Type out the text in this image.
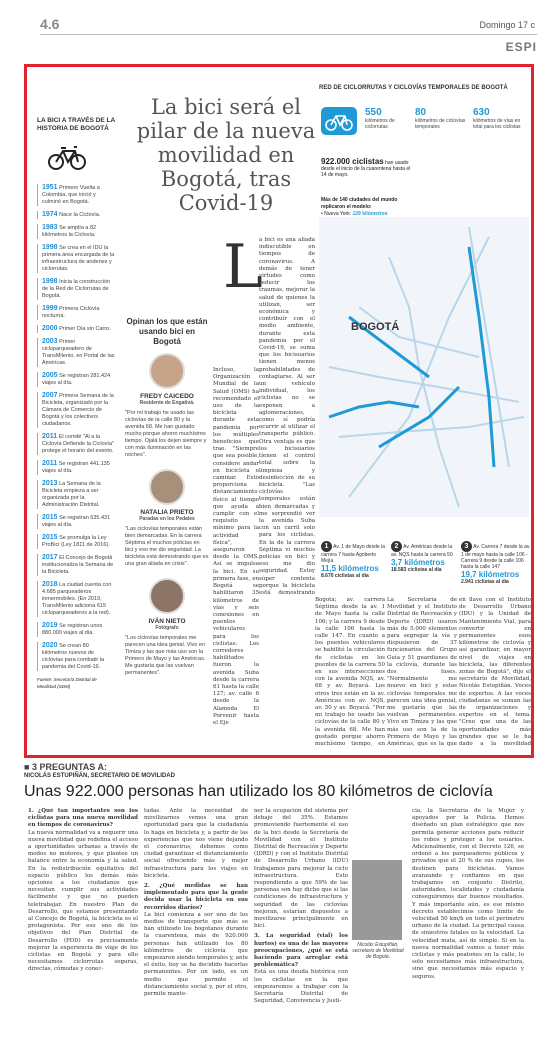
4.6	Domingo 17 c
ESPI
LA BICI A TRAVÉS DE LA HISTORIA DE BOGOTÁ
1951 Primero Vuelta a Colombia, que inició y culminó en Bogotá.
1974 Nace la Ciclovía.
1983 Se amplía a 82 kilómetros la Ciclovía.
1998 Se crea en el IDU la primera área encargada de la infraestructura de andenes y ciclorrutas.
1998 Inicia la construcción de la Red de Ciclorrutas de Bogotá.
1999 Primera Ciclovía nocturna.
2000 Primer Día sin Carro.
2003 Primer cicloparqueadero de TransMilenio, en Portal de las Américas.
2005 Se registran 281.424 viajes al día.
2007 Primera Semana de la Bicicleta, organizado por la Cámara de Comercio de Bogotá y los colectivos ciudadanos.
2011 El comité "Al a la Ciclovía Defiende la Ciclovía" protege el horario del evento.
2011 Se registran 441.135 viajes al día.
2013 La Semana de la Bicicleta empieza a ser organizada por la Administración Distrital.
2015 Se registran 635.431 viajes al día.
2015 Se promulga la Ley ProBici (Ley 1811 de 2016).
2017 El Concejo de Bogotá institucionaliza la Semana de la Bicicleta.
2018 La ciudad cuenta con 4.685 parqueaderos inmermobiles. (En 2019, TransMilenio adiciona 615 cicloparqueaderos a la red).
2019 Se registran unos 880.000 viajes al día.
2020 Se crean 80 kilómetros nuevos de ciclovías para combatir la pandemia del Covid-19.
Fuente: Secretaría Distrital de Movilidad (SDM)
La bici será el pilar de la nueva movilidad en Bogotá, tras Covid-19
Opinan los que están usando bici en Bogotá
FREDY CAICEDO
Residente de Engativá.
"Por mi trabajo he usado las ciclovías de la calle 80 y la avenida 68. Me han gustado mucho porque ahorro muchísimo tiempo. Ojalá los dejen siempre y con más iluminación en las noches".
NATALIA PRIETO
Paradas en los Pedales
"Las ciclovías temporales están bien demarcadas. En la carrera Séptima el muchos policías en bici y eso me dio seguridad. La bicicleta está demostrando que es una gran aliada en crisis".
IVÁN NIETO
Fotógrafo
"Los ciclovías temporales me parecen una idea genial. Vivo en Timiza y las que más uso son la Primero de Mayo y las Américas. Me gustaría que las vuelvan permanentes".
L
a bici es una aliada indiscutible en tiempos de coronavirus. A demás de tener virtudes como reducir los traumas, mejorar la salud de quienes la utilizan, ser económica y contribuir con el medio ambiente, durante esta pandemia por el Covid-19, se suma que los bicisuarios tienen menos probabilidades de contagiarse. Al ser un vehículo individual, los ciclistas no se exponen a aglomeraciones, como sí podría ocurrir al utilizar el transporte público. Otra ventaja es que los bicisuarios tienen el control total sobre la limpieza y desinfección de su bicicleta. "Las ciclovías temporales están bien demarcadas y me sorprendió ver la avenida Suba con un carril solo para los ciclistas. En la de la carrera Séptima vi muchos policías en bici y eso me dio seguridad. Estoy súper contenta porque la bicicleta está demostrando
Incluso, la Organización Mundial de la Salud (OMS) ha recomendado el uso de la bicicleta durante esta pandemia por los múltiples beneficios que trae. "Siempre que sea posible, considere andar en bicicleta o caminar. Esto proporciona distanciamiento físico al tiempo que ayuda a cumplir con el requisito mínimo para la actividad física", aseguraron desde la OMS. Así se impulsa la bici. En su primera fase, en Bogotá se habilitaron 35 kilómetros de vías y seis conexiones en puentes vehiculares para los ciclistas. Los corredores habilitados fueron la avenida Suba desde la carrera 61 hasta la calle 127; av. calle 6 desde la Alameda El Porvenir hasta el Eje
Bogotá; av. carrera Séptima desde la av. 1 de Mayo hasta la calle 106; y la carrera 9 desde la calle 106 hasta la calle 147. En cuanto a los puentes vehiculares se habilitó la circulación de ciclistas en los puentes de la carrera 50 en sus intersecciones con la avenida NQS, av. 68 y av. Boyacá. Los otros tres están en la av. Américas con av. NQS, av. 50 y av. Boyacá. "Por mi trabajo he usado las ciclovías de la calle 80 y la avenida 68. Me han gustado porque ahorro muchísimo tiempo, en
La Secretaría de Movilidad y el Instituto Distrital de Recreación y Deporte (IDRD) usaron más de 5.000 elementos para segregar la vía y dispusieron de 37 funcionarios del Grupo Guía y 51 guardianes de la ciclovía, durante las dos fases. "Normalmente me muevo en bici y estas ciclovías temporales me parecen una idea genial, me gustaría que las vuelvan permanentes. Vivo en Timiza y las que más uso son la de la Primero de Mayo y las Américas, que es la que
en llave con el Instituto de Desarrollo Urbano (IDU) y la Unidad de Mantenimiento Vial, para convertir en permanentes esos kilómetros de ciclovía y así garantizar, en mayor nivel de viajes en bicicleta, las diferentes zonas de Bogotá", dijo el secretario de Movilidad, Nicolás Estupiñán. Voces de expertos. A las voces ciudadanas se suman las de organizaciones y expertos en el tema. "Creo que una de las oportunidades más grandes que se le ha dado a la movilidad
RED DE CICLORRUTAS Y CICLOVÍAS TEMPORALES DE BOGOTÁ
550
kilómetros de ciclorrutas
80
kilómetros de ciclovías temporales
630
kilómetros de vías en total para los ciclistas
922.000 ciclistas han usado desde el inicio de la cuarentena hasta el 14 de mayo.
Más de 140 ciudades del mundo replicaron el modelo:
• Nueva York: 129 kilómetros
• París: 97 kilómetros
• Lima: 301 kilómetros
BOGOTÁ
1 Av. 1 de Mayo desde la carrera 7 hasta Agoberto Mejía
11,5 kilómetros
8.670 ciclistas al día
2 Av. Américas desde la av. NQS hasta la carrera 50
3,7 kilómetros
18.583 ciclistas al día
3 Av. Carrera 7 desde la av. 1 de mayo hasta la calle 106 - Carrera 9 desde la calle 106 hasta la calle 147
19,7 kilómetros
2.941 ciclistas al día
■ 3 PREGUNTAS A:
NICOLÁS ESTUPIÑÁN, SECRETARIO DE MOVILIDAD
Unas 922.000 personas han utilizado los 80 kilómetros de ciclovía
1. ¿Qué tan importantes son los ciclistas para una nueva movilidad en tiempos de coronavirus?
La nueva normalidad va a requerir una nueva movilidad que redefina el acceso a oportunidades urbanas a través de modos no motores, y que plantee un balance entre la economía y la salud. En la redistribución equitativa del espacio público los demás más opciones a los ciudadanos que necesitan cumplir sus actividades fácilmente y que no pueden teletrabajar. En nuestro Plan de Desarrollo, que estamos presentando al Concejo de Bogotá, la bicicleta es el protagonista. Por eso uno de los objetivos del Plan Distrital de Desarrollo (PDD) es precisamente mejorar la experiencia de viaje de los ciclistas en Bogotá y para ello necesitamos ciclorrutas seguras, directas, cómodas y conec-
tadas. Ante la necesidad de movilizarnos vemos una gran oportunidad para que la ciudadanía lo haga en bicicleta y, a partir de las experiencias que nos viene dejando el coronavirus, debemos como ciudad garantizar el distanciamiento social ofreciendo más y mejor infraestructura para los viajes en bicicleta.
2. ¿Qué medidas se han implementado para que la gente decida usar la bicicleta en sus recorridos diarios?
La bici comienza a ser uno de los medios de transporte que más se han utilizado los bogotanos durante la cuarentena, más de 920.000 personas han utilizado los 80 kilómetros de ciclovía que empezaron siendo temporales y, ante el éxito, hoy se ha decidido hacerlas permanentes. Por un lado, es un medio que permite el distanciamiento social y, por el otro, permite mante-
ner la ocupación del sistema por debajo del 35%. Estamos promoviendo fuertemente el uso de la bici desde la Secretaría de Movilidad con el Instituto Distrital de Recreación y Deporte (IDRD) y con el Instituto Distrital de Desarrollo Urbano (IDU) trabajamos para mejorar la ciclo infraestructura. Esto respondiendo a que 59% de las personas son hay dicho que si las condiciones de infraestructura y seguridad de las ciclovías mejoran, estarían dispuestos a movilizarse principalmente en bici.
3. La seguridad (vial) los hurtos) es una de las mayores preocupaciones, ¿qué se está haciendo para arreglar está problemática?
Está es una deuda histórica con los ciclistas en la que empezaremos a trabajar con la Secretaría Distrital de Seguridad, Convivencia y Justi-
Nicolás Estupiñán, secretario de Movilidad de Bogotá.
cia, la Secretaría de la Mujer y apoyados por la Policía. Hemos diseñado un plan estratégico que nos permita generar acciones para reducir los robos y proteger a los usuarios. Adicionalmente, con el Decreto 126, se ordenó a los parqueaderos públicos y privados que el 20 % de sus cupos, los destinen para bicicletas. Vamos avanzando y confiamos en que trabajamos en conjunto Distrito, autoridades, localidades y ciudadanía conseguiremos dar buenos resultados. Y más importante aún, es ese mismo decreto establecimos como límite de velocidad 50 km/h en todo el perímetro urbano de la ciudad. La principal causa de siniestros fatales es la velocidad. La velocidad mata, así de simple. Si en la nueva normalidad vamos a tener más ciclistas y más peatones en la calle, lo solo necesitamos más infraestructura, sino que necesitamos más espacio y seguros.
